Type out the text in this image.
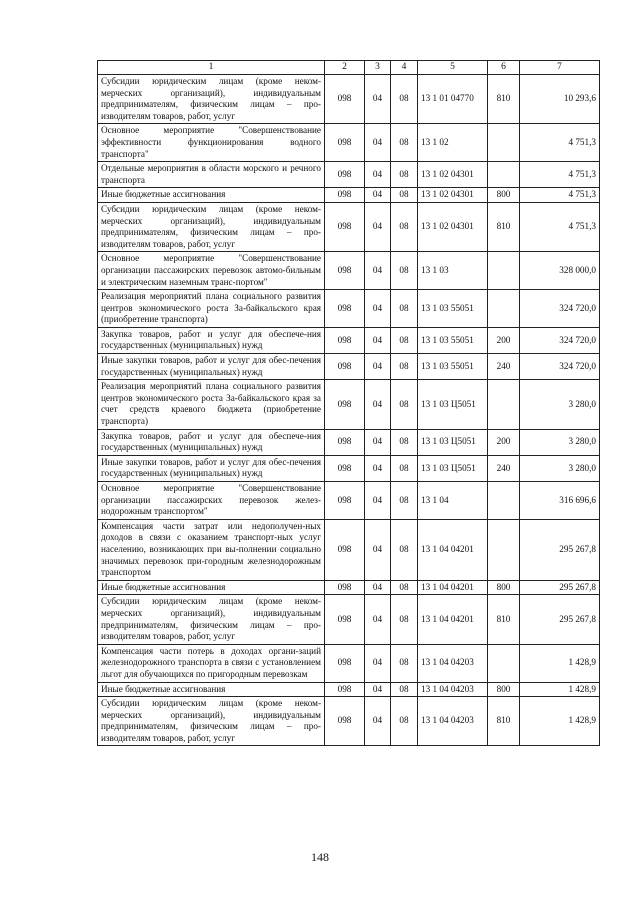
1	2	3	4	5	6	7
Субсидии юридическим лицам (кроме неком-мерческих организаций), индивидуальным предпринимателям, физическим лицам – про-изводителям товаров, работ, услуг	098	04	08	13 1 01 04770	810	10 293,6
Основное мероприятие "Совершенствование эффективности функционирования водного транспорта"	098	04	08	13 1 02		4 751,3
Отдельные мероприятия в области морского и речного транспорта	098	04	08	13 1 02 04301		4 751,3
Иные бюджетные ассигнования	098	04	08	13 1 02 04301	800	4 751,3
Субсидии юридическим лицам (кроме неком-мерческих организаций), индивидуальным предпринимателям, физическим лицам – про-изводителям товаров, работ, услуг	098	04	08	13 1 02 04301	810	4 751,3
Основное мероприятие "Совершенствование организации пассажирских перевозок автомо-бильным и электрическим наземным транс-портом"	098	04	08	13 1 03		328 000,0
Реализация мероприятий плана социального развития центров экономического роста За-байкальского края (приобретение транспорта)	098	04	08	13 1 03 55051		324 720,0
Закупка товаров, работ и услуг для обеспече-ния государственных (муниципальных) нужд	098	04	08	13 1 03 55051	200	324 720,0
Иные закупки товаров, работ и услуг для обес-печения государственных (муниципальных) нужд	098	04	08	13 1 03 55051	240	324 720,0
Реализация мероприятий плана социального развития центров экономического роста За-байкальского края за счет средств краевого бюджета (приобретение транспорта)	098	04	08	13 1 03 Ц5051		3 280,0
Закупка товаров, работ и услуг для обеспече-ния государственных (муниципальных) нужд	098	04	08	13 1 03 Ц5051	200	3 280,0
Иные закупки товаров, работ и услуг для обес-печения государственных (муниципальных) нужд	098	04	08	13 1 03 Ц5051	240	3 280,0
Основное мероприятие "Совершенствование организации пассажирских перевозок желез-нодорожным транспортом"	098	04	08	13 1 04		316 696,6
Компенсация части затрат или недополучен-ных доходов в связи с оказанием транспорт-ных услуг населению, возникающих при вы-полнении социально значимых перевозок при-городным железнодорожным транспортом	098	04	08	13 1 04 04201		295 267,8
Иные бюджетные ассигнования	098	04	08	13 1 04 04201	800	295 267,8
Субсидии юридическим лицам (кроме неком-мерческих организаций), индивидуальным предпринимателям, физическим лицам – про-изводителям товаров, работ, услуг	098	04	08	13 1 04 04201	810	295 267,8
Компенсация части потерь в доходах органи-заций железнодорожного транспорта в связи с установлением льгот для обучающихся по пригородным перевозкам	098	04	08	13 1 04 04203		1 428,9
Иные бюджетные ассигнования	098	04	08	13 1 04 04203	800	1 428,9
Субсидии юридическим лицам (кроме неком-мерческих организаций), индивидуальным предпринимателям, физическим лицам – про-изводителям товаров, работ, услуг	098	04	08	13 1 04 04203	810	1 428,9
148
